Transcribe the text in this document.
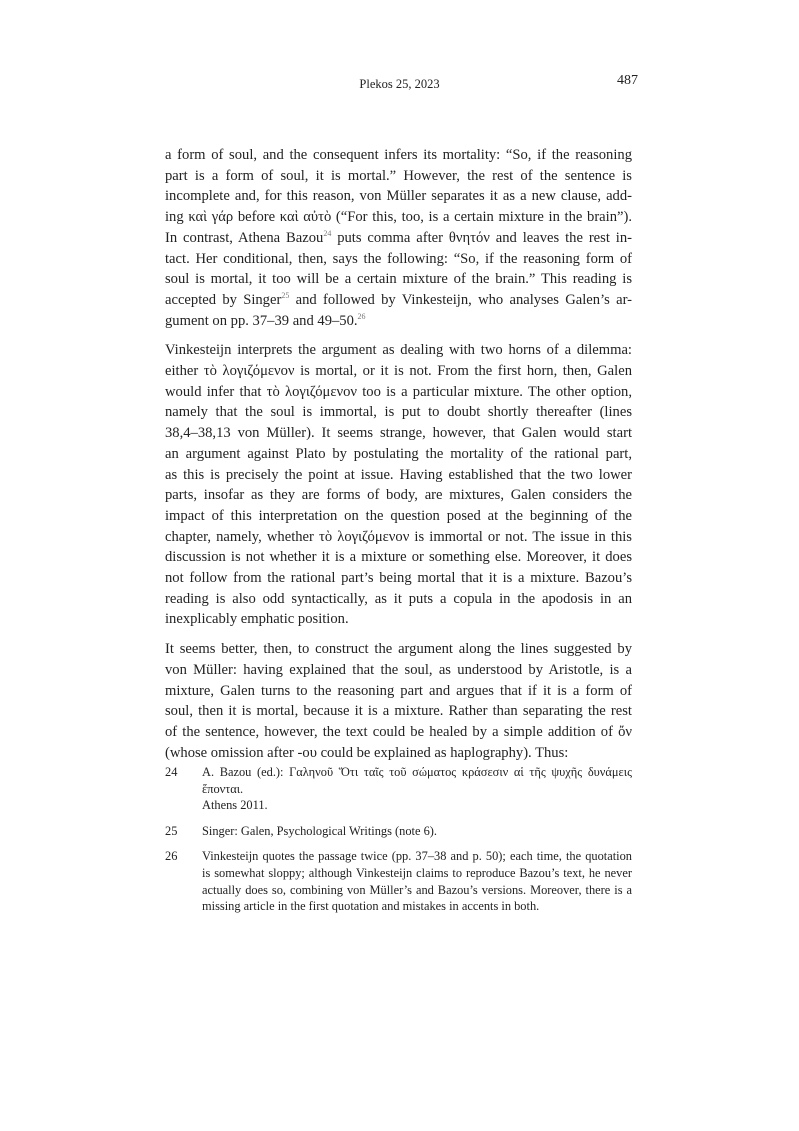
Plekos 25, 2023	487

a form of soul, and the consequent infers its mortality: “So, if the reasoning
part is a form of soul, it is mortal.” However, the rest of the sentence is
incomplete and, for this reason, von Müller separates it as a new clause, add-
ing καὶ γάρ before καὶ αὐτὸ (“For this, too, is a certain mixture in the brain”).
In contrast, Athena Bazou$^{24}$ puts comma after θνητόν and leaves the rest in-
tact. Her conditional, then, says the following: “So, if the reasoning form of
soul is mortal, it too will be a certain mixture of the brain.” This reading is
accepted by Singer$^{25}$ and followed by Vinkesteijn, who analyses Galen’s ar-
gument on pp. 37–39 and 49–50.26

Vinkesteijn interprets the argument as dealing with two horns of a dilemma:
either τὸ λογιζόμενον is mortal, or it is not. From the first horn, then, Galen
would infer that τὸ λογιζόμενον too is a particular mixture. The other option,
namely that the soul is immortal, is put to doubt shortly thereafter (lines
38,4–38,13 von Müller). It seems strange, however, that Galen would start
an argument against Plato by postulating the mortality of the rational part,
as this is precisely the point at issue. Having established that the two lower
parts, insofar as they are forms of body, are mixtures, Galen considers the
impact of this interpretation on the question posed at the beginning of the
chapter, namely, whether τὸ λογιζόμενον is immortal or not. The issue in this
discussion is not whether it is a mixture or something else. Moreover, it does
not follow from the rational part’s being mortal that it is a mixture. Bazou’s
reading is also odd syntactically, as it puts a copula in the apodosis in an
inexplicably emphatic position.

It seems better, then, to construct the argument along the lines suggested by
von Müller: having explained that the soul, as understood by Aristotle, is a
mixture, Galen turns to the reasoning part and argues that if it is a form of
soul, then it is mortal, because it is a mixture. Rather than separating the rest
of the sentence, however, the text could be healed by a simple addition of ὄν
(whose omission after -ου could be explained as haplography). Thus:

24 A. Bazou (ed.): Γαληνοῦ Ὅτι ταῖς τοῦ σώματος κράσεσιν αἱ τῆς ψυχῆς δυνάμεις ἕπονται.
Athens 2011.
25 Singer: Galen, Psychological Writings (note 6).
26 Vinkesteijn quotes the passage twice (pp. 37–38 and p. 50); each time, the quotation
is somewhat sloppy; although Vinkesteijn claims to reproduce Bazou’s text, he never
actually does so, combining von Müller’s and Bazou’s versions. Moreover, there is a
missing article in the first quotation and mistakes in accents in both.
